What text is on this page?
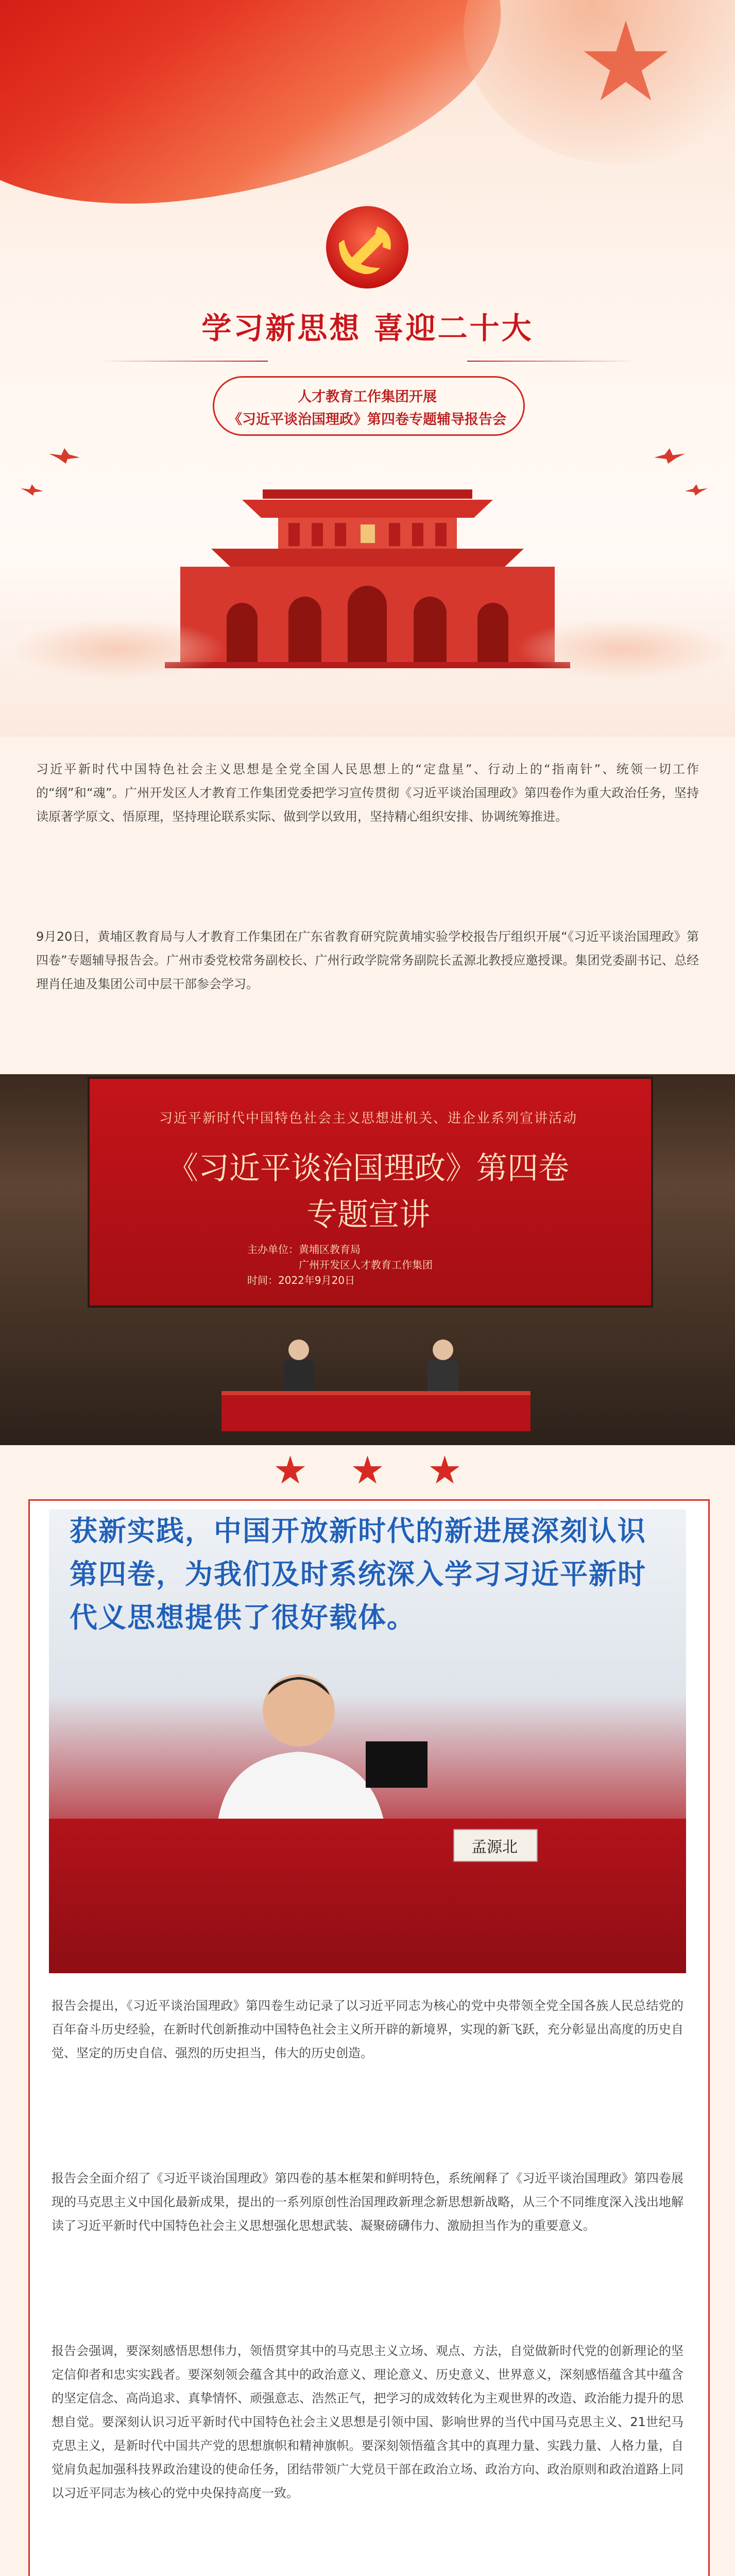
学习新思想 喜迎二十大
人才教育工作集团开展
《习近平谈治国理政》第四卷专题辅导报告会
习近平新时代中国特色社会主义思想是全党全国人民思想上的“定盘星”、行动上的“指南针”、统领一切工作的“纲”和“魂”。广州开发区人才教育工作集团党委把学习宣传贯彻《习近平谈治国理政》第四卷作为重大政治任务，坚持读原著学原文、悟原理，坚持理论联系实际、做到学以致用，坚持精心组织安排、协调统筹推进。
9月20日，黄埔区教育局与人才教育工作集团在广东省教育研究院黄埔实验学校报告厅组织开展“《习近平谈治国理政》第四卷”专题辅导报告会。广州市委党校常务副校长、广州行政学院常务副院长孟源北教授应邀授课。集团党委副书记、总经理肖任迪及集团公司中层干部参会学习。
习近平新时代中国特色社会主义思想进机关、进企业系列宣讲活动
《习近平谈治国理政》第四卷
专题宣讲
主办单位：黄埔区教育局
广州开发区人才教育工作集团
时间：2022年9月20日
获新实践，中国开放新时代的新进展深刻认识第四卷，为我们及时系统深入学习习近平新时代义思想提供了很好载体。
孟源北
报告会提出，《习近平谈治国理政》第四卷生动记录了以习近平同志为核心的党中央带领全党全国各族人民总结党的百年奋斗历史经验，在新时代创新推动中国特色社会主义所开辟的新境界，实现的新飞跃，充分彰显出高度的历史自觉、坚定的历史自信、强烈的历史担当，伟大的历史创造。
报告会全面介绍了《习近平谈治国理政》第四卷的基本框架和鲜明特色，系统阐释了《习近平谈治国理政》第四卷展现的马克思主义中国化最新成果，提出的一系列原创性治国理政新理念新思想新战略，从三个不同维度深入浅出地解读了习近平新时代中国特色社会主义思想强化思想武装、凝聚磅礴伟力、激励担当作为的重要意义。
报告会强调，要深刻感悟思想伟力，领悟贯穿其中的马克思主义立场、观点、方法，自觉做新时代党的创新理论的坚定信仰者和忠实实践者。要深刻领会蕴含其中的政治意义、理论意义、历史意义、世界意义，深刻感悟蕴含其中蕴含的坚定信念、高尚追求、真挚情怀、顽强意志、浩然正气，把学习的成效转化为主观世界的改造、政治能力提升的思想自觉。要深刻认识习近平新时代中国特色社会主义思想是引领中国、影响世界的当代中国马克思主义、21世纪马克思主义，是新时代中国共产党的思想旗帜和精神旗帜。要深刻领悟蕴含其中的真理力量、实践力量、人格力量，自觉肩负起加强科技界政治建设的使命任务，团结带领广大党员干部在政治立场、政治方向、政治原则和政治道路上同以习近平同志为核心的党中央保持高度一致。
